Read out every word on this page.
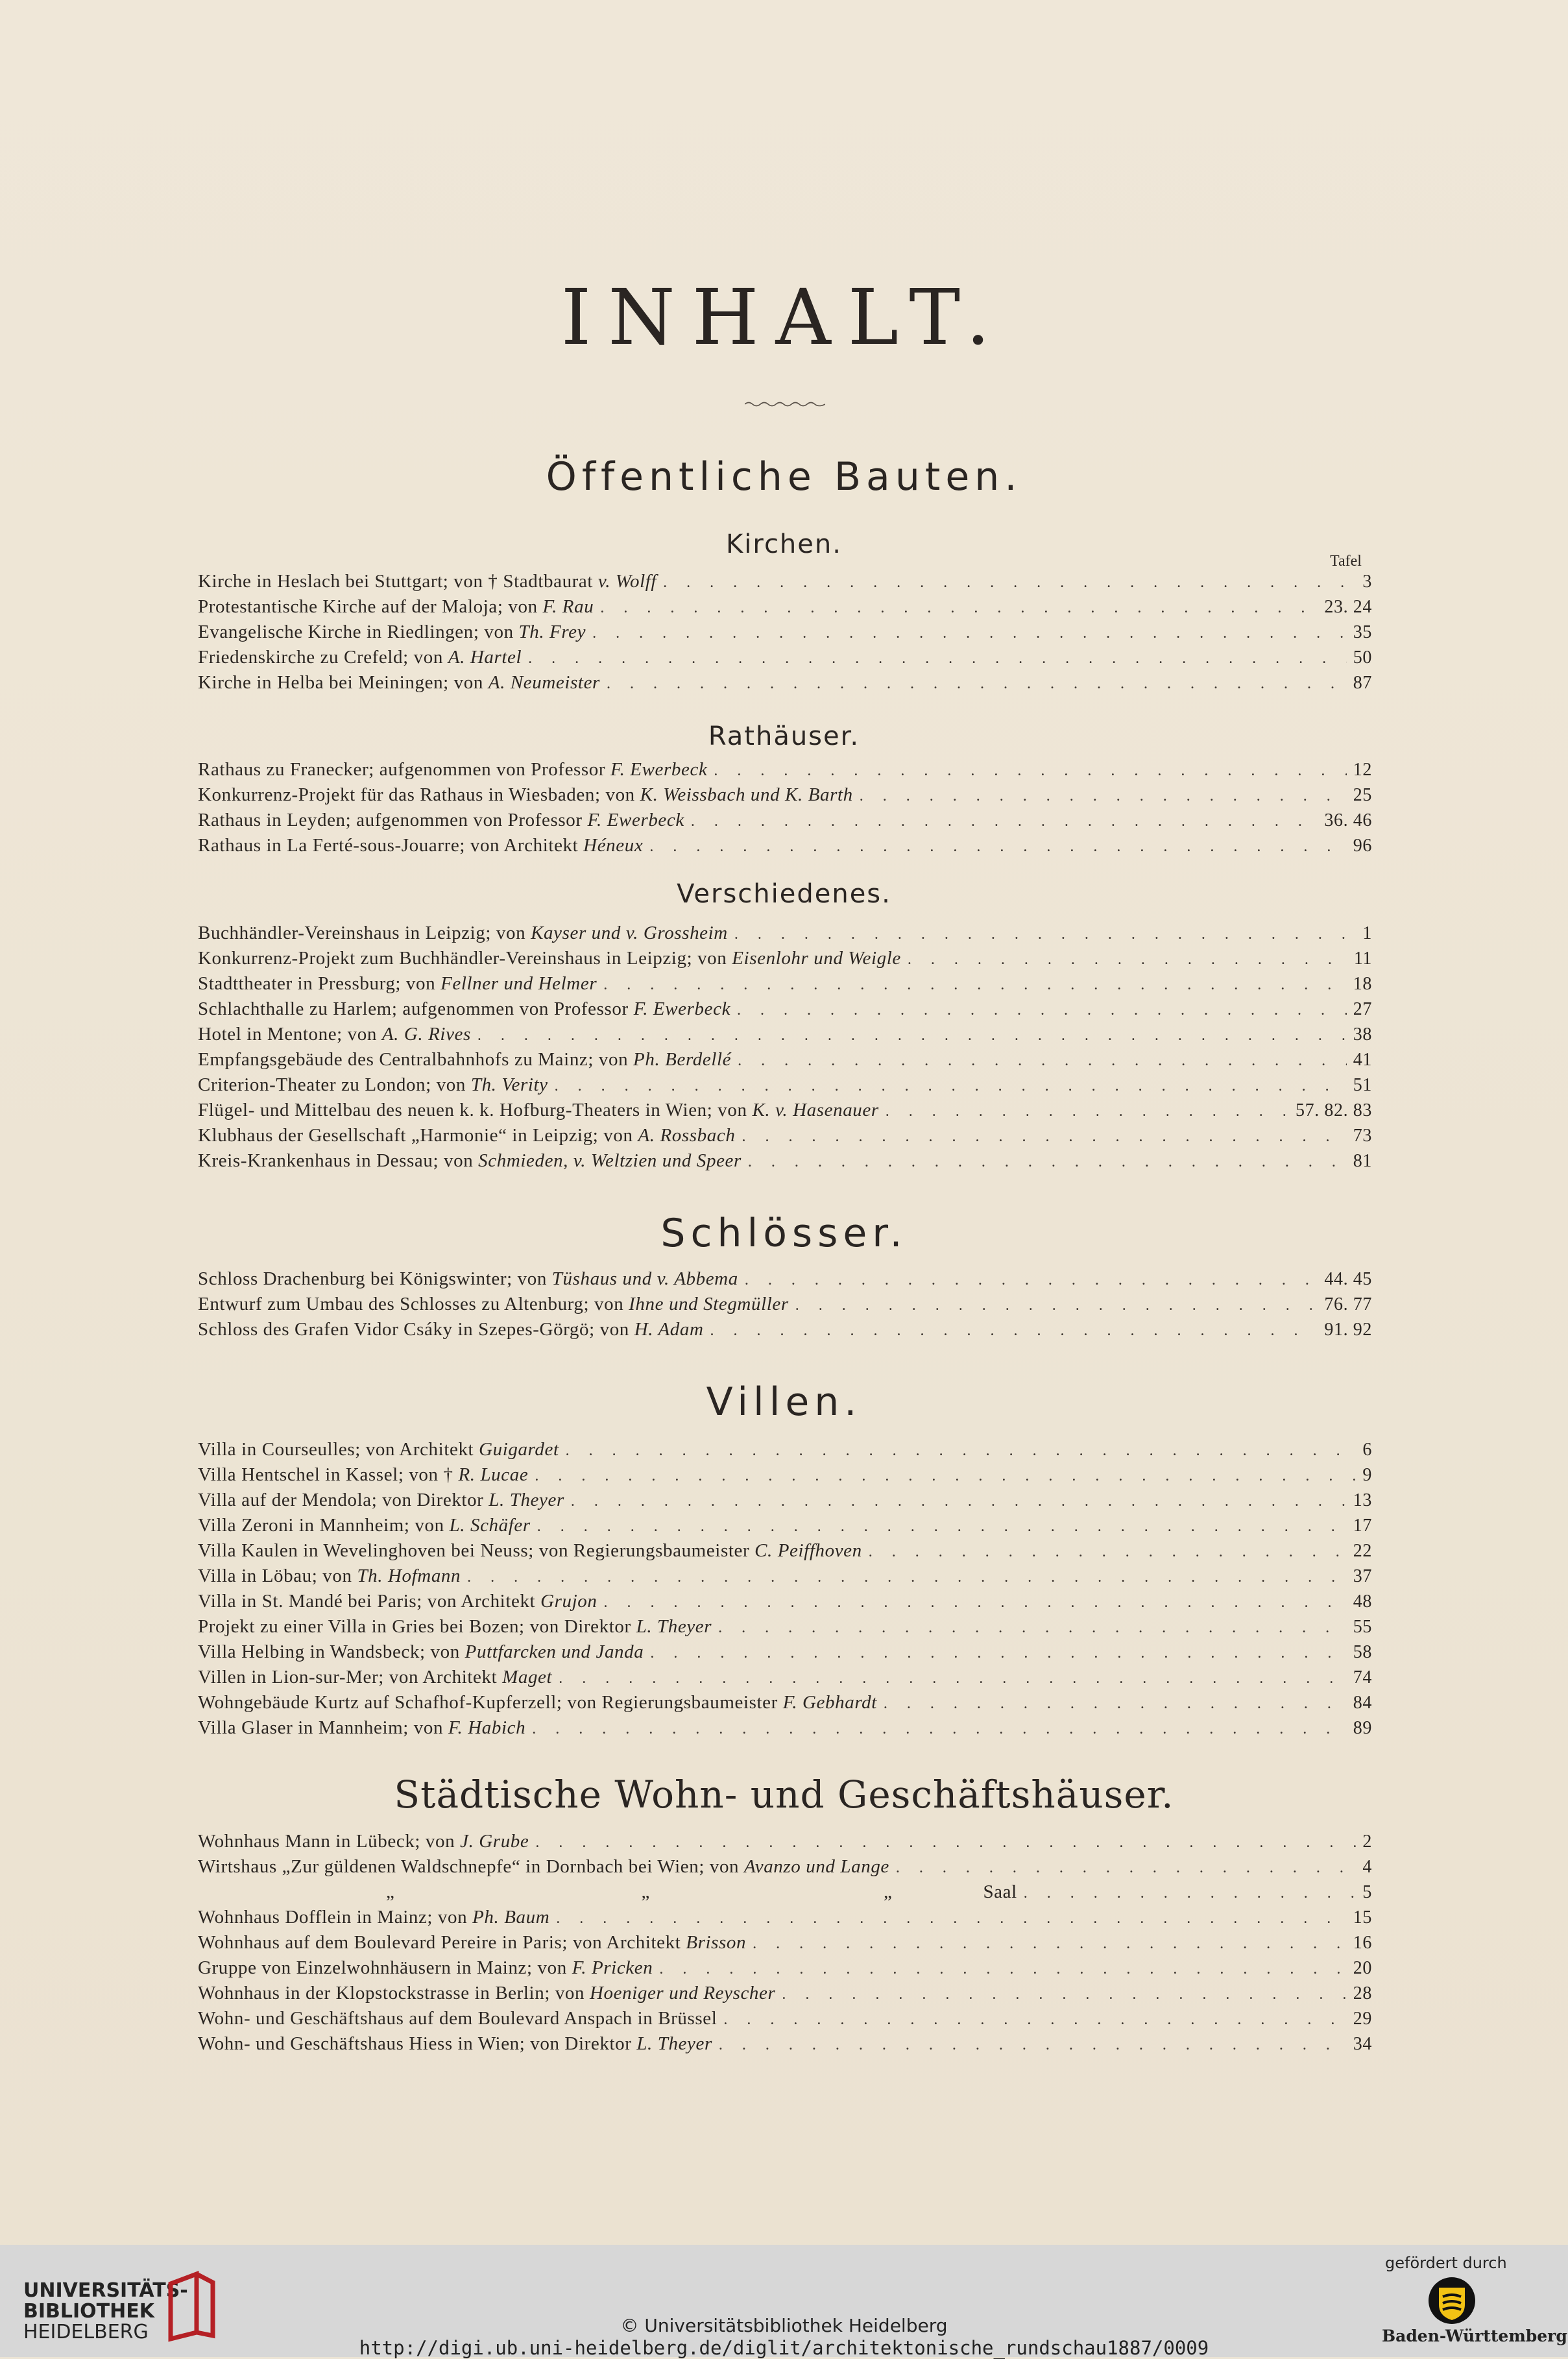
INHALT.
Öffentliche Bauten.
Kirchen.
Tafel
Kirche in Heslach bei Stuttgart; von † Stadtbaurat v. Wolff . . .	3
Protestantische Kirche auf der Maloja; von F. Rau . . .	23. 24
Evangelische Kirche in Riedlingen; von Th. Frey . . .	35
Friedenskirche zu Crefeld; von A. Hartel . . .	50
Kirche in Helba bei Meiningen; von A. Neumeister . . .	87
Rathäuser.
Rathaus zu Franecker; aufgenommen von Professor F. Ewerbeck . . .	12
Konkurrenz-Projekt für das Rathaus in Wiesbaden; von K. Weissbach und K. Barth . . .	25
Rathaus in Leyden; aufgenommen von Professor F. Ewerbeck . . .	36. 46
Rathaus in La Ferté-sous-Jouarre; von Architekt Héneux . . .	96
Verschiedenes.
Buchhändler-Vereinshaus in Leipzig; von Kayser und v. Grossheim . . .	1
Konkurrenz-Projekt zum Buchhändler-Vereinshaus in Leipzig; von Eisenlohr und Weigle . . .	11
Stadttheater in Pressburg; von Fellner und Helmer . . .	18
Schlachthalle zu Harlem; aufgenommen von Professor F. Ewerbeck . . .	27
Hotel in Mentone; von A. G. Rives . . .	38
Empfangsgebäude des Centralbahnhofs zu Mainz; von Ph. Berdellé . . .	41
Criterion-Theater zu London; von Th. Verity . . .	51
Flügel- und Mittelbau des neuen k. k. Hofburg-Theaters in Wien; von K. v. Hasenauer . . .	57. 82. 83
Klubhaus der Gesellschaft „Harmonie“ in Leipzig; von A. Rossbach . . .	73
Kreis-Krankenhaus in Dessau; von Schmieden, v. Weltzien und Speer . . .	81
Schlösser.
Schloss Drachenburg bei Königswinter; von Tüshaus und v. Abbema . . .	44. 45
Entwurf zum Umbau des Schlosses zu Altenburg; von Ihne und Stegmüller . . .	76. 77
Schloss des Grafen Vidor Csáky in Szepes-Görgö; von H. Adam . . .	91. 92
Villen.
Villa in Courseulles; von Architekt Guigardet . . .	6
Villa Hentschel in Kassel; von † R. Lucae . . .	9
Villa auf der Mendola; von Direktor L. Theyer . . .	13
Villa Zeroni in Mannheim; von L. Schäfer . . .	17
Villa Kaulen in Wevelinghoven bei Neuss; von Regierungsbaumeister C. Peiffhoven . . .	22
Villa in Löbau; von Th. Hofmann . . .	37
Villa in St. Mandé bei Paris; von Architekt Grujon . . .	48
Projekt zu einer Villa in Gries bei Bozen; von Direktor L. Theyer . . .	55
Villa Helbing in Wandsbeck; von Puttfarcken und Janda . . .	58
Villen in Lion-sur-Mer; von Architekt Maget . . .	74
Wohngebäude Kurtz auf Schafhof-Kupferzell; von Regierungsbaumeister F. Gebhardt . . .	84
Villa Glaser in Mannheim; von F. Habich . . .	89
Städtische Wohn- und Geschäftshäuser.
Wohnhaus Mann in Lübeck; von J. Grube . . .	2
Wirtshaus „Zur güldenen Waldschnepfe“ in Dornbach bei Wien; von Avanzo und Lange . . .	4
„	„	„	Saal . . .	5
Wohnhaus Dofflein in Mainz; von Ph. Baum . . .	15
Wohnhaus auf dem Boulevard Pereire in Paris; von Architekt Brisson . . .	16
Gruppe von Einzelwohnhäusern in Mainz; von F. Pricken . . .	20
Wohnhaus in der Klopstockstrasse in Berlin; von Hoeniger und Reyscher . . .	28
Wohn- und Geschäftshaus auf dem Boulevard Anspach in Brüssel . . .	29
Wohn- und Geschäftshaus Hiess in Wien; von Direktor L. Theyer . . .	34
UNIVERSITÄTS-
BIBLIOTHEK
HEIDELBERG	© Universitätsbibliothek Heidelberg
http://digi.ub.uni-heidelberg.de/diglit/architektonische_rundschau1887/0009
gefördert durch
Baden-Württemberg
